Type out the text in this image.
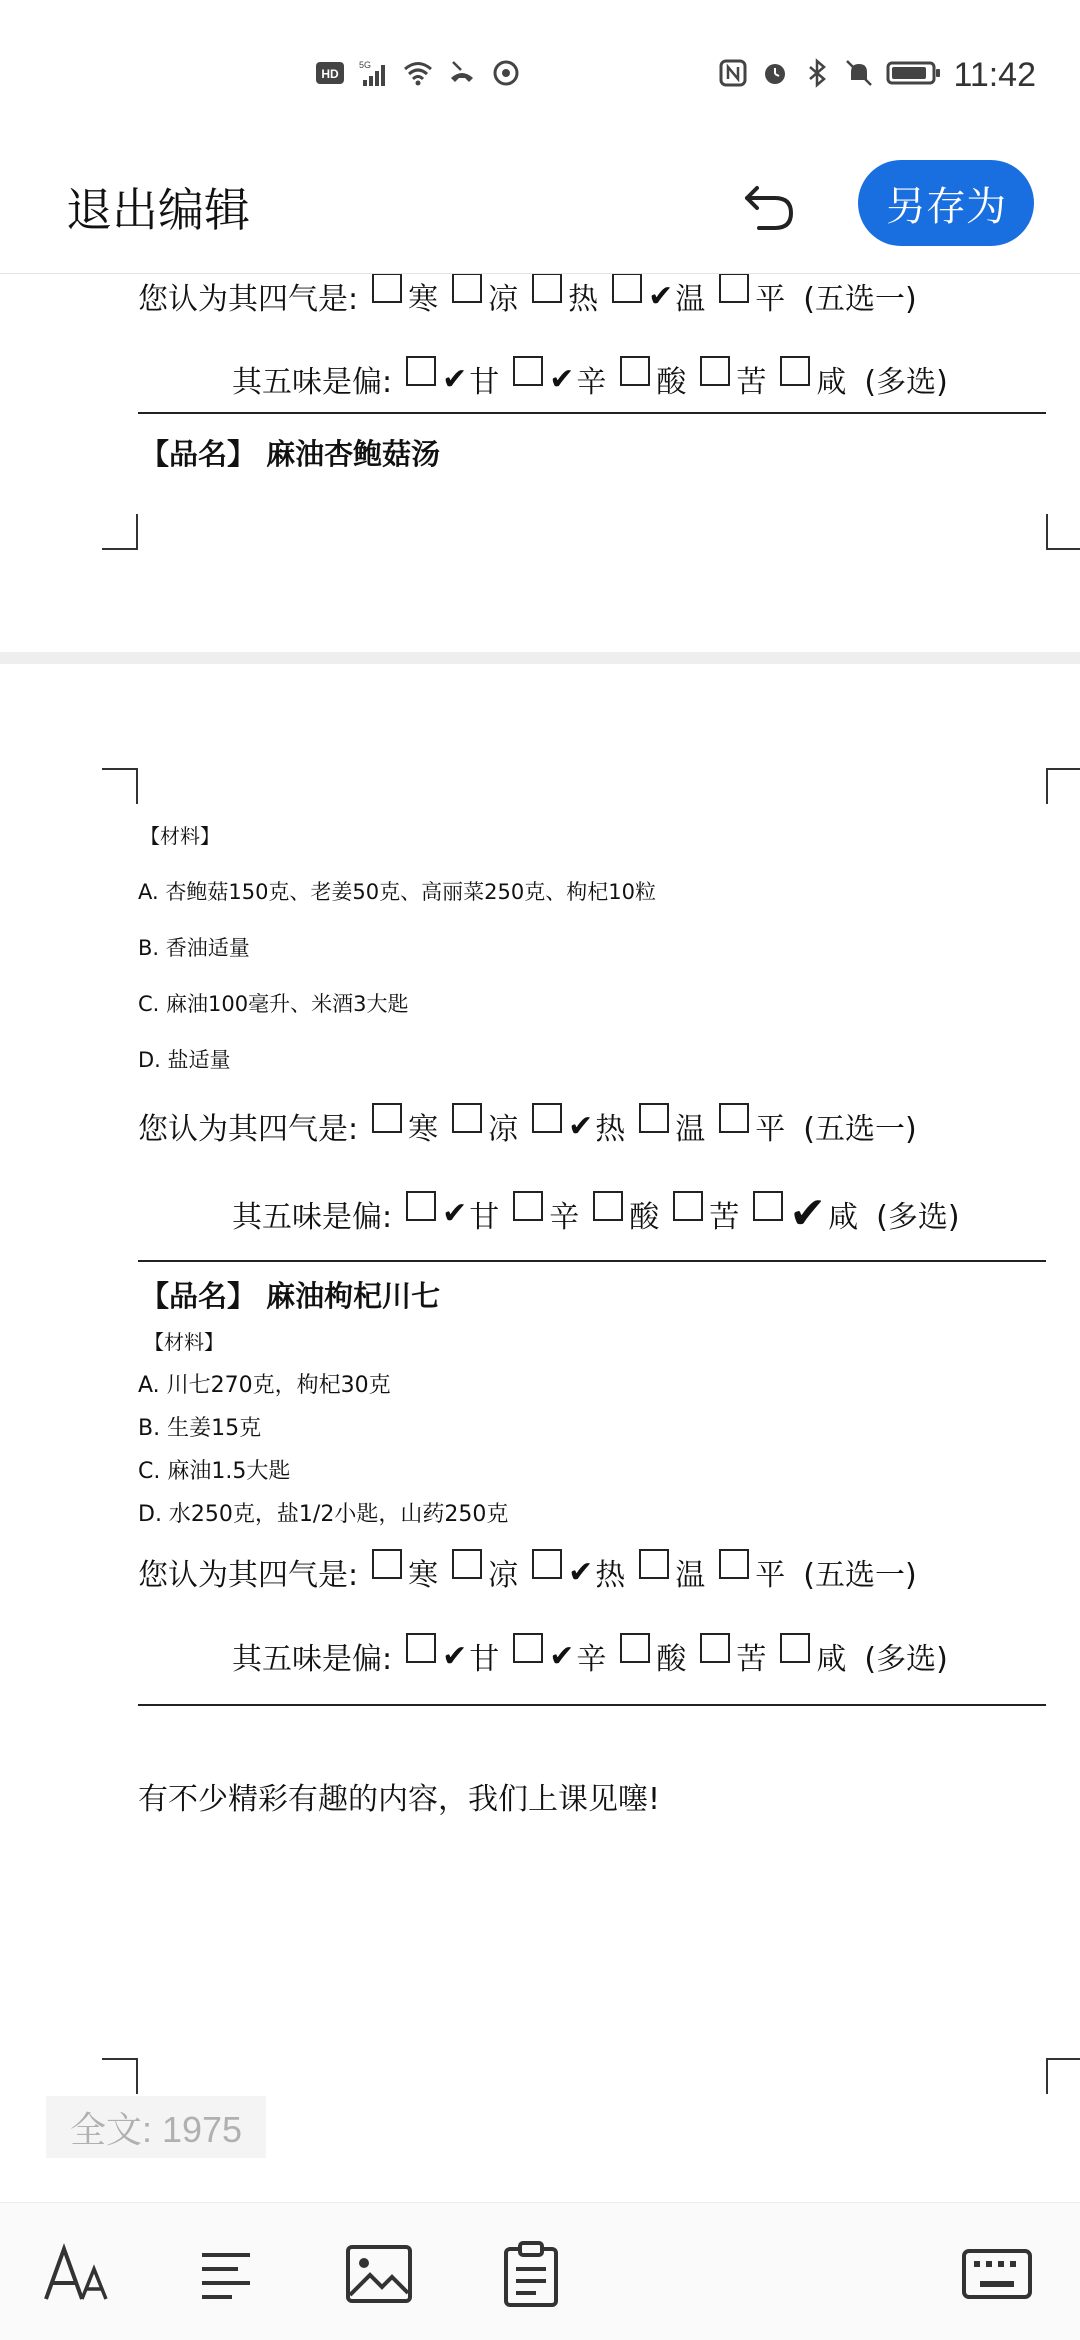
HD
5G	11:42
退出编辑	另存为
您认为其四气是: 寒 凉 热 ✔ 温 平 (五选一)
其五味是偏: ✔ 甘 ✔ 辛 酸 苦 咸 (多选)
【品名】 麻油杏鲍菇汤
【材料】
A. 杏鲍菇150克、老姜50克、高丽菜250克、枸杞10粒
B. 香油适量
C. 麻油100毫升、米酒3大匙
D. 盐适量
您认为其四气是: 寒 凉 ✔ 热 温 平 (五选一)
其五味是偏: ✔ 甘 辛 酸 苦 ✔ 咸 (多选)
【品名】 麻油枸杞川七
【材料】
A. 川七270克，枸杞30克
B. 生姜15克
C. 麻油1.5大匙
D. 水250克，盐1/2小匙，山药250克
您认为其四气是: 寒 凉 ✔ 热 温 平 (五选一)
其五味是偏: ✔ 甘 ✔ 辛 酸 苦 咸 (多选)
有不少精彩有趣的内容，我们上课见噻!
全文: 1975
